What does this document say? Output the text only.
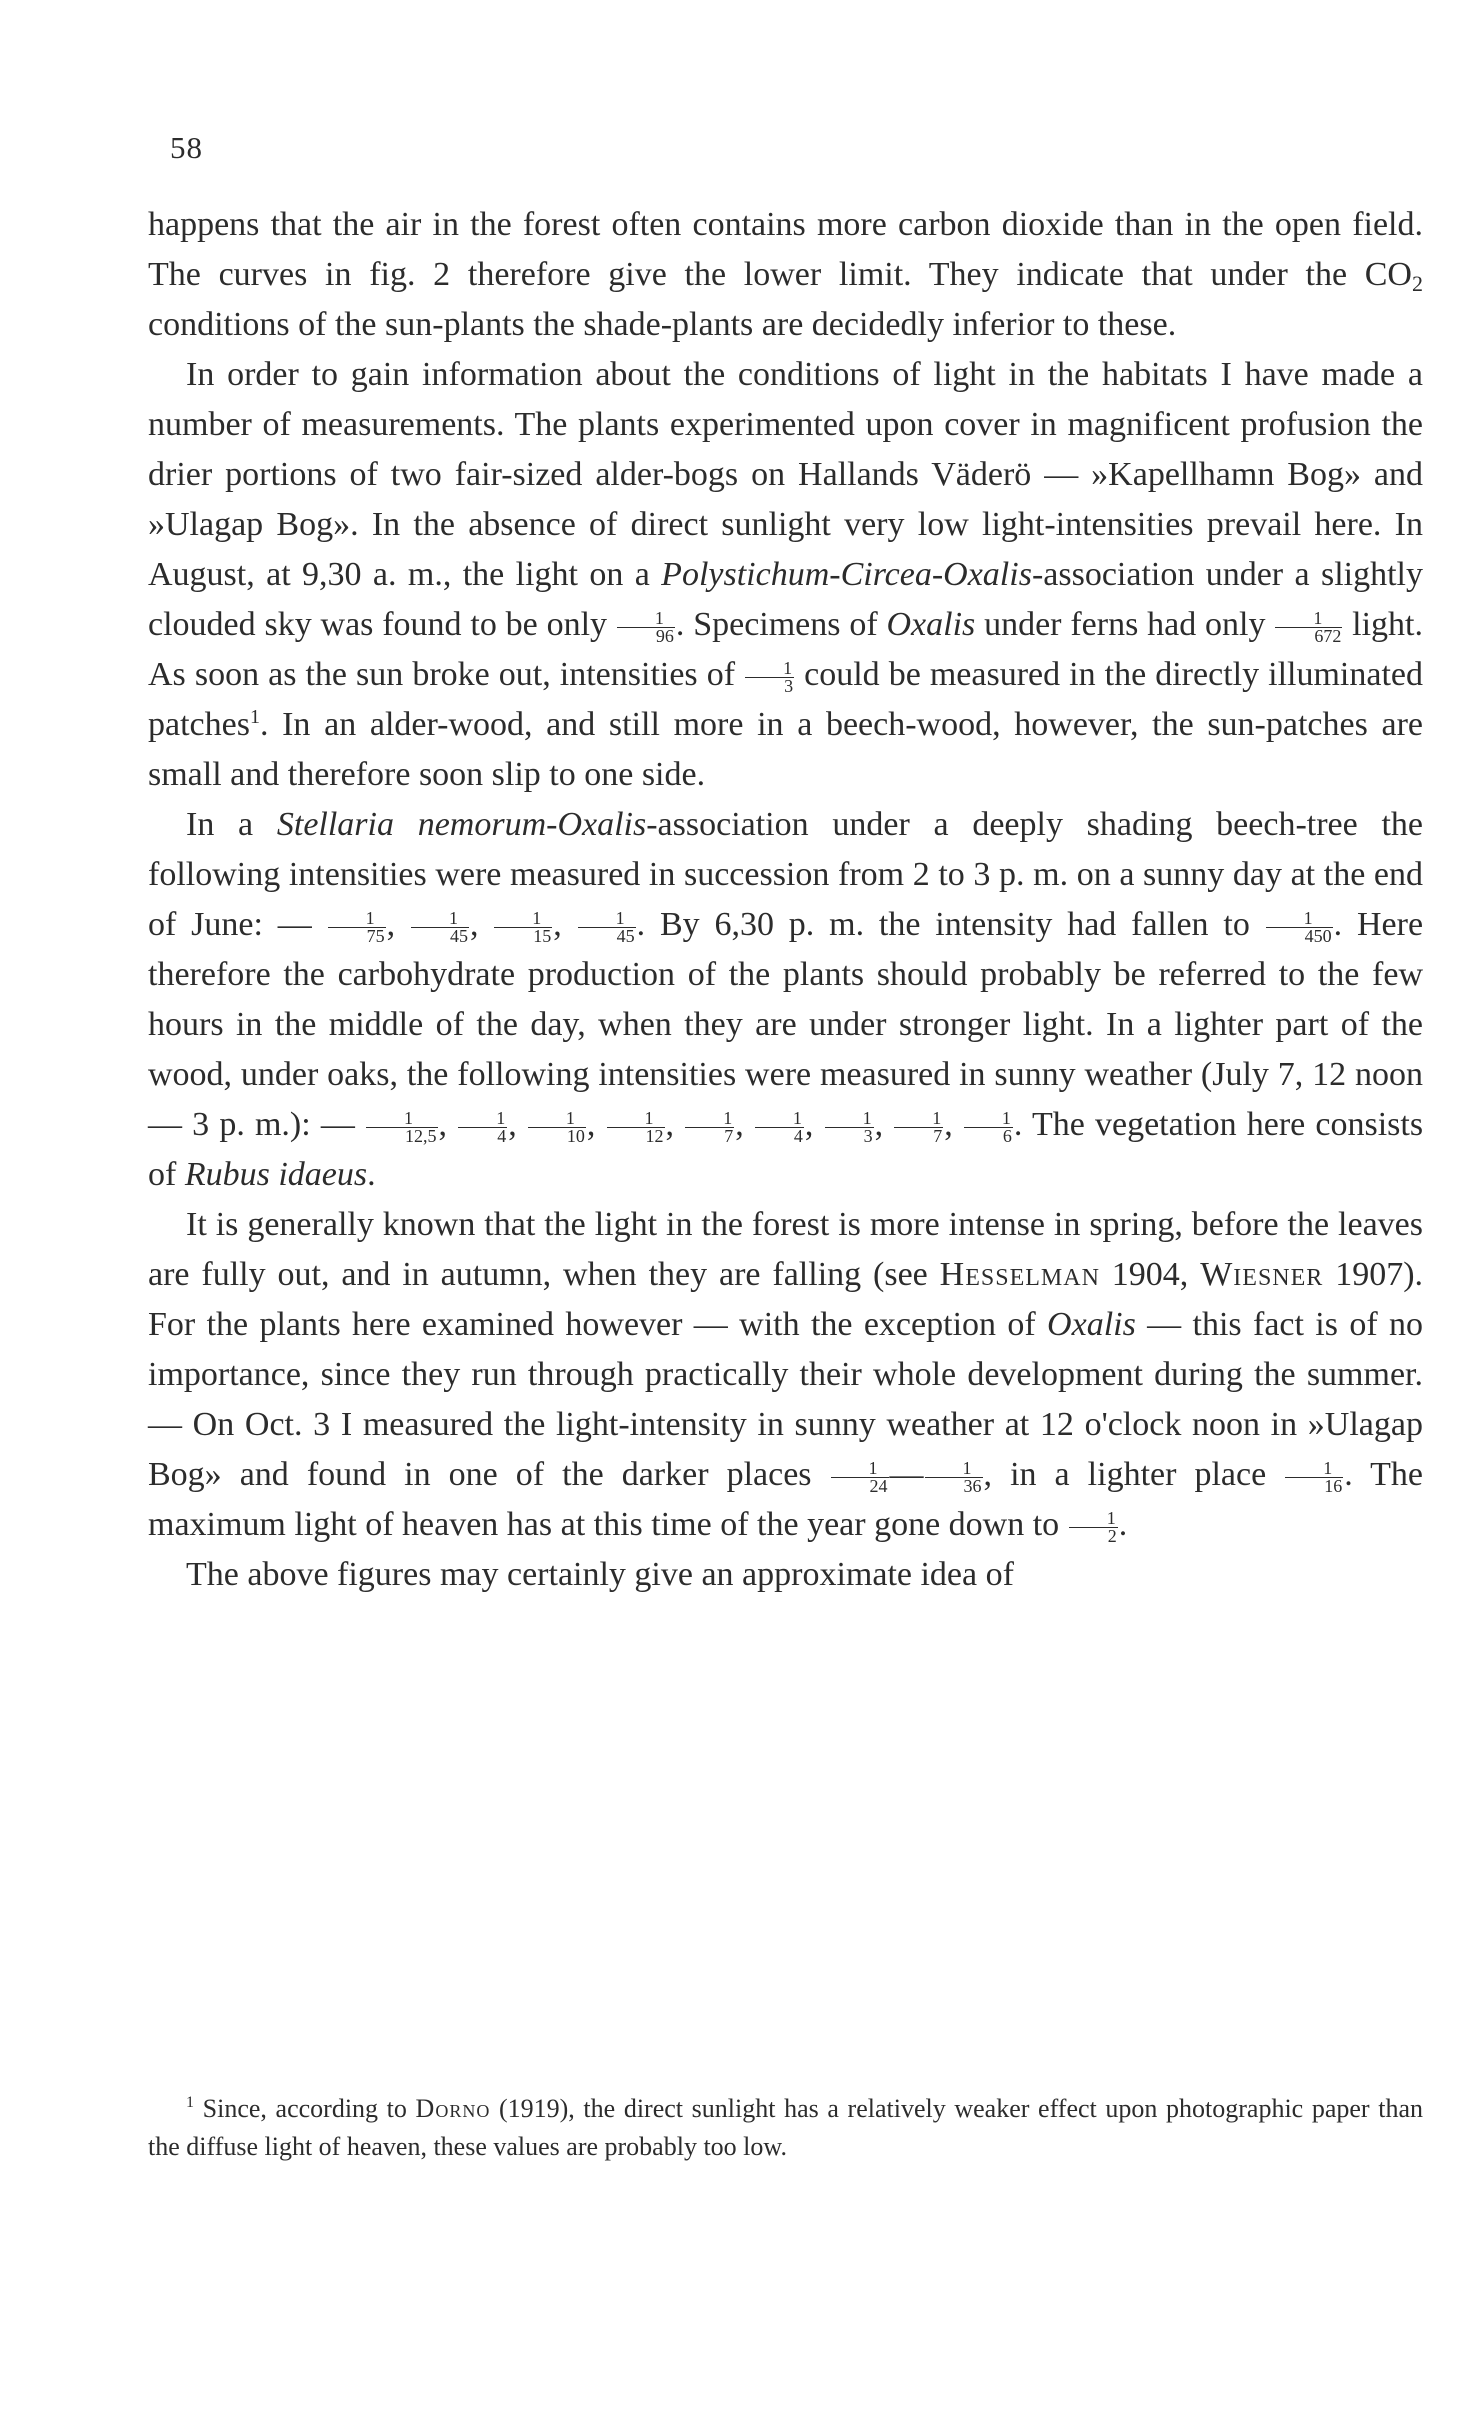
58

happens that the air in the forest often contains more carbon dioxide than in the open field. The curves in fig. 2 therefore give the lower limit. They indicate that under the $CO_2$ conditions of the sun-plants the shade-plants are decidedly inferior to these.

In order to gain information about the conditions of light in the habitats I have made a number of measurements. The plants experimented upon cover in magnificent profusion the drier portions of two fair-sized alder-bogs on Hallands Väderö — »Kapellhamn Bog» and »Ulagap Bog». In the absence of direct sunlight very low light-intensities prevail here. In August, at 9,30 a. m., the light on a Polystichum-Circea-Oxalis-association under a slightly clouded sky was found to be only $\frac{1}{96}$ . Specimens of Oxalis under ferns had only $\frac{1}{672}$ light. As soon as the sun broke out, intensities of $\frac{1}{3}$ could be measured in the directly illuminated patches$^1$. In an alder-wood, and still more in a beech-wood, however, the sun-patches are small and therefore soon slip to one side.

In a Stellaria nemorum-Oxalis-association under a deeply shading beech-tree the following intensities were measured in succession from 2 to 3 p. m. on a sunny day at the end of June: — $\frac{1}{75}$ , $\frac{1}{45}$ , $\frac{1}{15}$ , $\frac{1}{45}$ . By 6,30 p. m. the intensity had fallen to $\frac{1}{450}$ . Here therefore the carbohydrate production of the plants should probably be referred to the few hours in the middle of the day, when they are under stronger light. In a lighter part of the wood, under oaks, the following intensities were measured in sunny weather (July 7, 12 noon — 3 p. m.): — $\frac{1}{12,5}$ , $\frac{1}{4}$ , $\frac{1}{10}$ , $\frac{1}{12}$ , $\frac{1}{7}$ , $\frac{1}{4}$ , $\frac{1}{3}$ , $\frac{1}{7}$ , $\frac{1}{6}$ . The vegetation here consists of Rubus idaeus.

It is generally known that the light in the forest is more intense in spring, before the leaves are fully out, and in autumn, when they are falling (see Hesselman 1904, Wiesner 1907). For the plants here examined however — with the exception of Oxalis — this fact is of no importance, since they run through practically their whole development during the summer. — On Oct. 3 I measured the light-intensity in sunny weather at 12 o'clock noon in »Ulagap Bog» and found in one of the darker places $\frac{1}{24}$ — $\frac{1}{36}$ , in a lighter place $\frac{1}{16}$ . The maximum light of heaven has at this time of the year gone down to $\frac{1}{2}$ .

The above figures may certainly give an approximate idea of

$^1$ Since, according to Dorno (1919), the direct sunlight has a relatively weaker effect upon photographic paper than the diffuse light of heaven, these values are probably too low.
